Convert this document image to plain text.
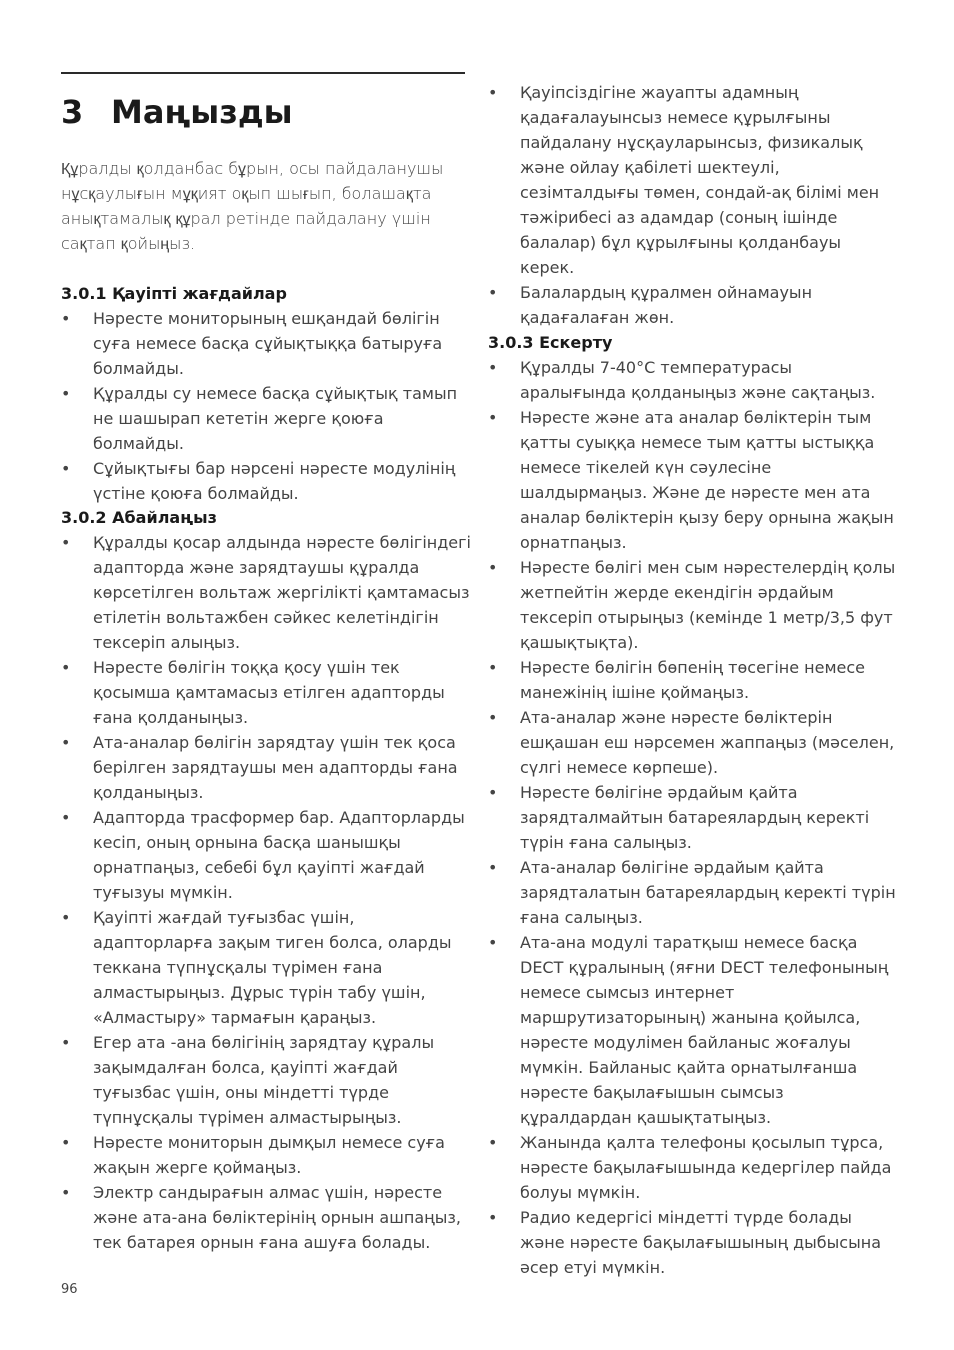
3 Маңызды

Құралды қолданбас бұрын, осы пайдаланушы нұсқаулығын мұқият оқып шығып, болашақта анықтамалық құрал ретінде пайдалану үшін сақтап қойыңыз.

3.0.1 Қауіпті жағдайлар
• Нәресте мониторының ешқандай бөлігін суға немесе басқа сұйықтыққа батыруға болмайды.
• Құралды су немесе басқа сұйықтық тамып не шашырап кететін жерге қоюға болмайды.
• Сұйықтығы бар нәрсені нәресте модулінің үстіне қоюға болмайды.
3.0.2 Абайлаңыз
• Құралды қосар алдында нәресте бөлігіндегі адапторда және зарядтаушы құралда көрсетілген вольтаж жергілікті қамтамасыз етілетін вольтажбен сәйкес келетіндігін тексеріп алыңыз.
• Нәресте бөлігін тоққа қосу үшін тек қосымша қамтамасыз етілген адапторды ғана қолданыңыз.
• Ата-аналар бөлігін зарядтау үшін тек қоса берілген зарядтаушы мен адапторды ғана қолданыңыз.
• Адапторда трасформер бар. Адапторларды кесіп, оның орнына басқа шанышқы орнатпаңыз, себебі бұл қауіпті жағдай туғызуы мүмкін.
• Қауіпті жағдай туғызбас үшін, адапторларға зақым тиген болса, оларды теккана түпнұсқалы түрімен ғана алмастырыңыз. Дұрыс түрін табу үшін, «Алмастыру» тармағын қараңыз.
• Егер ата -ана бөлігінің зарядтау құралы зақымдалған болса, қауіпті жағдай туғызбас үшін, оны міндетті түрде түпнұсқалы түрімен алмастырыңыз.
• Нәресте мониторын дымқыл немесе суға жақын жерге қоймаңыз.
• Электр сандырағын алмас үшін, нәресте және ата-ана бөліктерінің орнын ашпаңыз, тек батарея орнын ғана ашуға болады.
• Қауіпсіздігіне жауапты адамның қадағалауынсыз немесе құрылғыны пайдалану нұсқауларынсыз, физикалық және ойлау қабілеті шектеулі, сезімталдығы төмен, сондай-ақ білімі мен тәжірибесі аз адамдар (соның ішінде балалар) бұл құрылғыны қолданбауы керек.
• Балалардың құралмен ойнамауын қадағалаған жөн.
3.0.3 Ескерту
• Құралды 7-40°C температурасы аралығында қолданыңыз және сақтаңыз.
• Нәресте және ата аналар бөліктерін тым қатты суыққа немесе тым қатты ыстыққа немесе тікелей күн сәулесіне шалдырмаңыз. Және де нәресте мен ата аналар бөліктерін қызу беру орнына жақын орнатпаңыз.
• Нәресте бөлігі мен сым нәрестелердің қолы жетпейтін жерде екендігін әрдайым тексеріп отырыңыз (кемінде 1 метр/3,5 фут қашықтықта).
• Нәресте бөлігін бөпенің төсегіне немесе манежінің ішіне қоймаңыз.
• Ата-аналар және нәресте бөліктерін ешқашан еш нәрсемен жаппаңыз (мәселен, сүлгі немесе көрпеше).
• Нәресте бөлігіне әрдайым қайта зарядталмайтын батареялардың керекті түрін ғана салыңыз.
• Ата-аналар бөлігіне әрдайым қайта зарядталатын батареялардың керекті түрін ғана салыңыз.
• Ата-ана модулі таратқыш немесе басқа DECT құралының (яғни DECT телефонының немесе сымсыз интернет маршрутизаторының) жанына қойылса, нәресте модулімен байланыс жоғалуы мүмкін. Байланыс қайта орнатылғанша нәресте бақылағышын сымсыз құралдардан қашықтатыңыз.
• Жанында қалта телефоны қосылып тұрса, нәресте бақылағышында кедергілер пайда болуы мүмкін.
• Радио кедергісі міндетті түрде болады және нәресте бақылағышының дыбысына әсер етуі мүмкін.
96
